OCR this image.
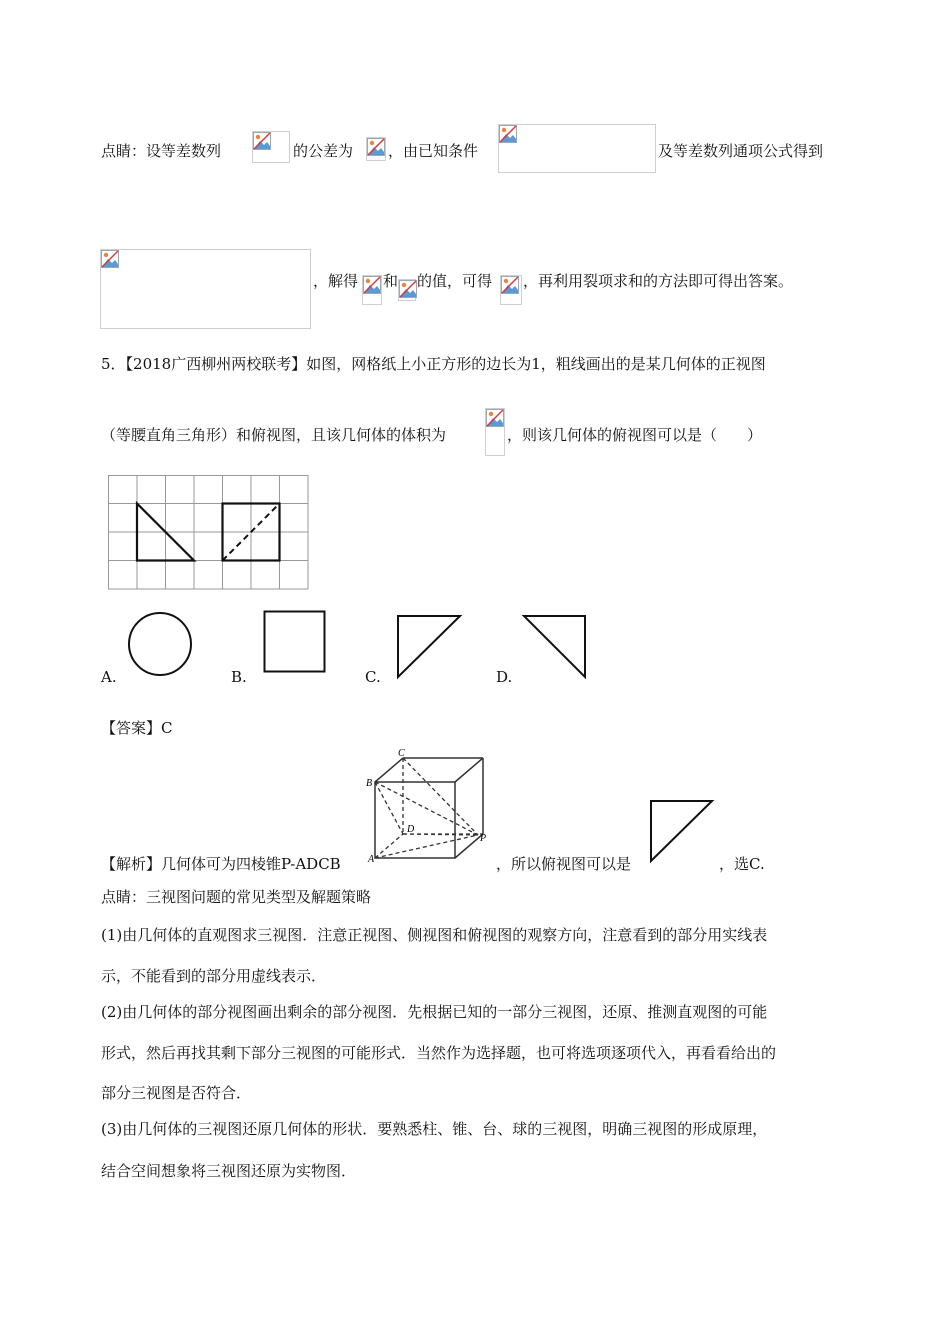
点睛：设等差数列	的公差为 ，由已知条件	及等差数列通项公式得到
，解得 和 的值，可得 ，再利用裂项求和的方法即可得出答案。
5．【2018广西柳州两校联考】如图，网格纸上小正方形的边长为1，粗线画出的是某几何体的正视图
（等腰直角三角形）和俯视图，且该几何体的体积为	，则该几何体的俯视图可以是（　　）
A.	B.	C.	D.
【答案】C
【解析】几何体可为四棱锥P-ADCB
C
B
D
P
A	，所以俯视图可以是	，选C.
点睛：三视图问题的常见类型及解题策略
(1)由几何体的直观图求三视图．注意正视图、侧视图和俯视图的观察方向，注意看到的部分用实线表
示，不能看到的部分用虚线表示．
(2)由几何体的部分视图画出剩余的部分视图．先根据已知的一部分三视图，还原、推测直观图的可能
形式，然后再找其剩下部分三视图的可能形式．当然作为选择题，也可将选项逐项代入，再看看给出的
部分三视图是否符合．
(3)由几何体的三视图还原几何体的形状．要熟悉柱、锥、台、球的三视图，明确三视图的形成原理，
结合空间想象将三视图还原为实物图．
